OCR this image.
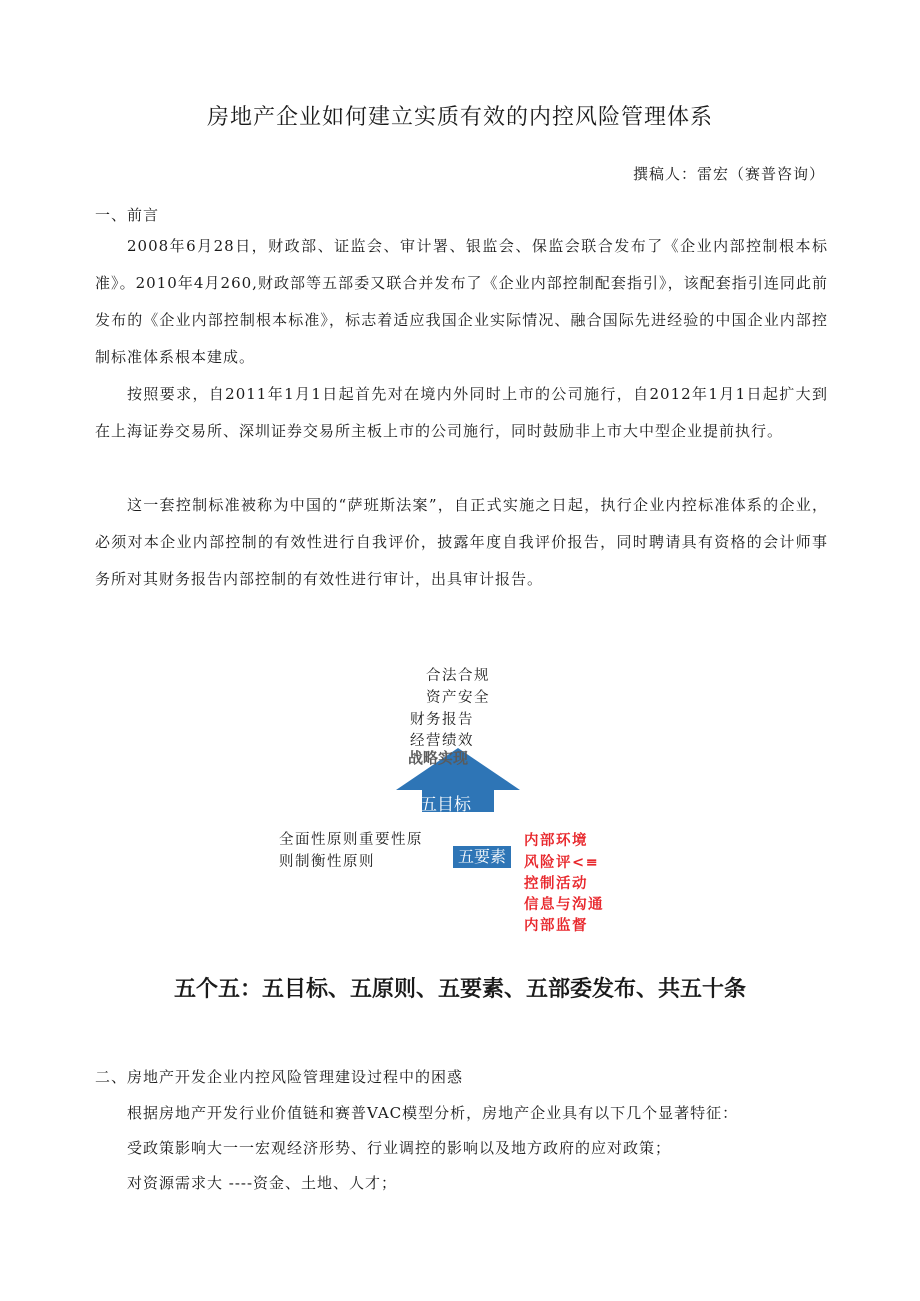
房地产企业如何建立实质有效的内控风险管理体系
撰稿人：雷宏（赛普咨询）
一、前言
2008年6月28日，财政部、证监会、审计署、银监会、保监会联合发布了《企业内部控制根本标准》。2010年4月260,财政部等五部委又联合并发布了《企业内部控制配套指引》，该配套指引连同此前发布的《企业内部控制根本标准》，标志着适应我国企业实际情况、融合国际先进经验的中国企业内部控制标准体系根本建成。
按照要求，自2011年1月1日起首先对在境内外同时上市的公司施行，自2012年1月1日起扩大到在上海证券交易所、深圳证券交易所主板上市的公司施行，同时鼓励非上市大中型企业提前执行。
这一套控制标准被称为中国的“萨班斯法案”，自正式实施之日起，执行企业内控标准体系的企业，必须对本企业内部控制的有效性进行自我评价，披露年度自我评价报告，同时聘请具有资格的会计师事务所对其财务报告内部控制的有效性进行审计，出具审计报告。
合法合规
资产安全
财务报告
经营绩效
战略实现
五目标
全面性原则重要性原
则制衡性原则	五要素
内部环境
风险评<≡
控制活动
信息与沟通
内部监督
五个五：五目标、五原则、五要素、五部委发布、共五十条
二、房地产开发企业内控风险管理建设过程中的困惑
根据房地产开发行业价值链和赛普VAC模型分析，房地产企业具有以下几个显著特征：
受政策影响大一一宏观经济形势、行业调控的影响以及地方政府的应对政策；
对资源需求大 ----资金、土地、人才；
